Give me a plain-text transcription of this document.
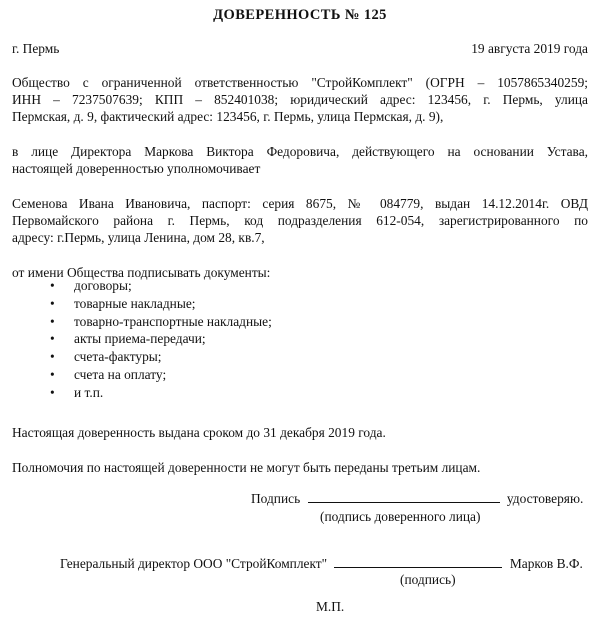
ДОВЕРЕННОСТЬ № 125
г. Пермь	19 августа 2019 года
Общество с ограниченной ответственностью "СтройКомплект" (ОГРН – 1057865340259;
ИНН – 7237507639; КПП – 852401038; юридический адрес: 123456, г. Пермь, улица
Пермская, д. 9, фактический адрес: 123456, г. Пермь, улица Пермская, д. 9),
в лице Директора Маркова Виктора Федоровича, действующего на основании Устава,
настоящей доверенностью уполномочивает
Семенова Ивана Ивановича, паспорт: серия 8675, № 084779, выдан 14.12.2014г. ОВД
Первомайского района г. Пермь, код подразделения 612-054, зарегистрированного по
адресу: г.Пермь, улица Ленина, дом 28, кв.7,
от имени Общества подписывать документы:
• договоры;
• товарные накладные;
• товарно-транспортные накладные;
• акты приема-передачи;
• счета-фактуры;
• счета на оплату;
• и т.п.
Настоящая доверенность выдана сроком до 31 декабря 2019 года.
Полномочия по настоящей доверенности не могут быть переданы третьим лицам.
Подпись	удостоверяю.
(подпись доверенного лица)
Генеральный директор ООО "СтройКомплект"	Марков В.Ф.
(подпись)
М.П.
